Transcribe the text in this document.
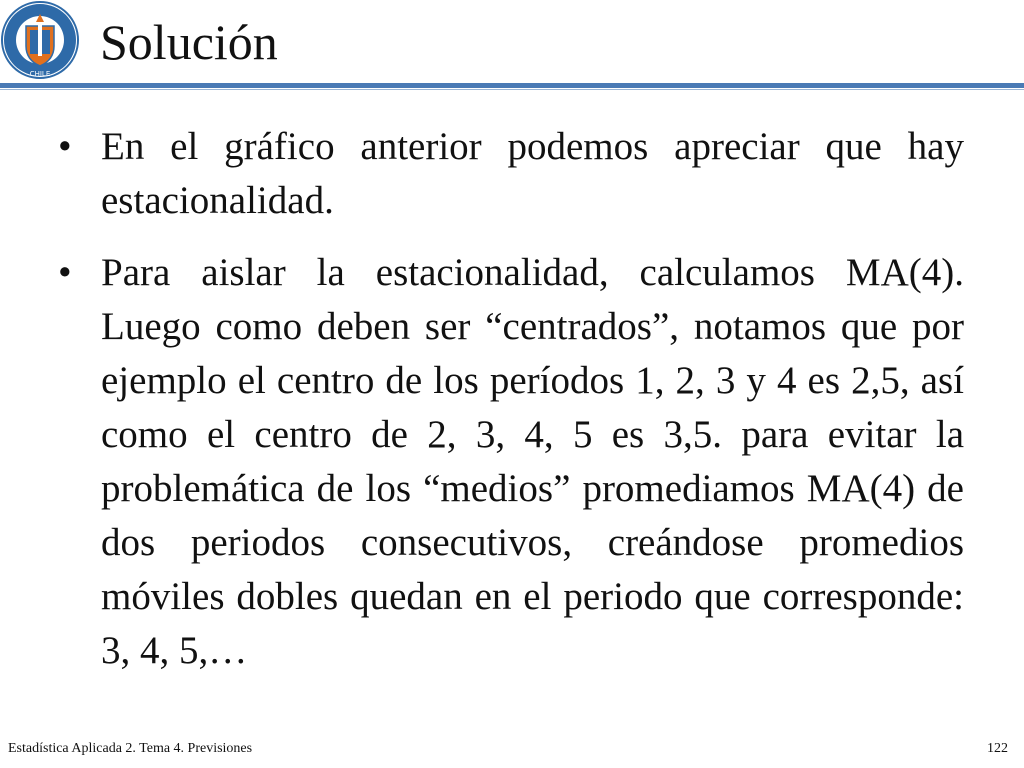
CHILE
Solución
• En el gráfico anterior podemos apreciar que hay estacionalidad.
• Para aislar la estacionalidad, calculamos MA(4). Luego como deben ser “centrados”, notamos que por ejemplo el centro de los períodos 1, 2, 3 y 4 es 2,5, así como el centro de 2, 3, 4, 5 es 3,5. para evitar la problemática de los “medios” promediamos MA(4) de dos periodos consecutivos, creándose promedios móviles dobles quedan en el periodo que corresponde: 3, 4, 5,…
Estadística Aplicada 2. Tema 4. Previsiones	122
